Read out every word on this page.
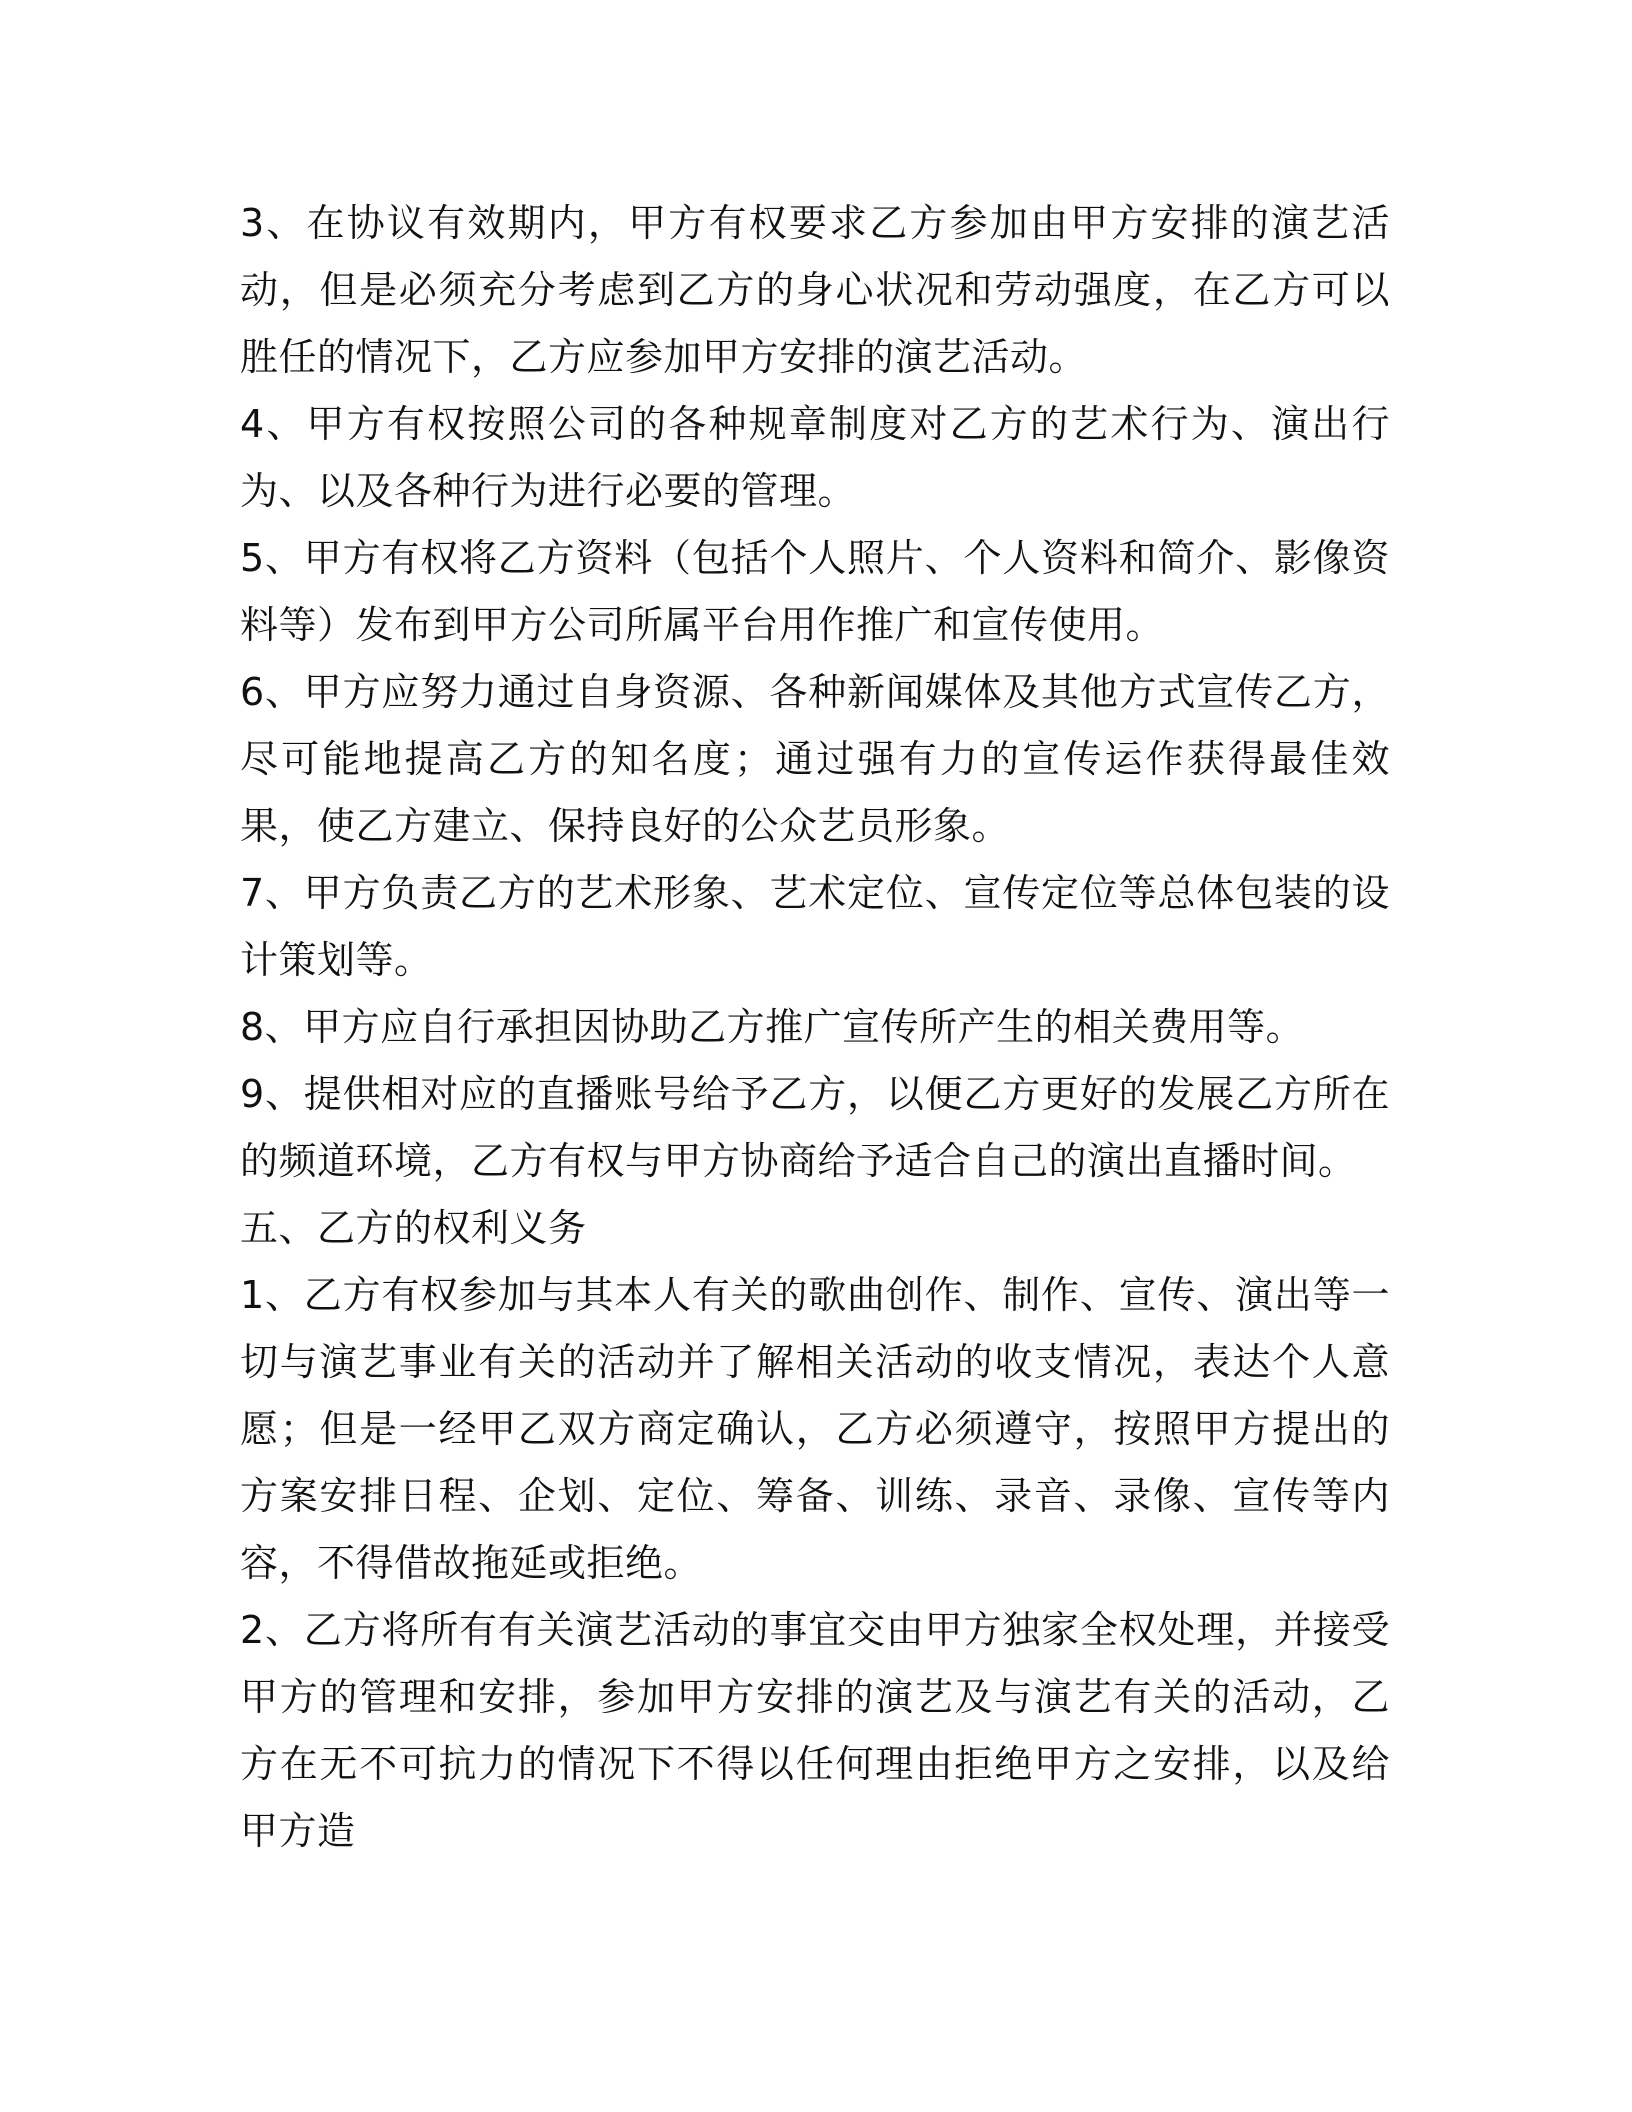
3、在协议有效期内，甲方有权要求乙方参加由甲方安排的演艺活动，但是必须充分考虑到乙方的身心状况和劳动强度，在乙方可以胜任的情况下，乙方应参加甲方安排的演艺活动。

4、甲方有权按照公司的各种规章制度对乙方的艺术行为、演出行为、以及各种行为进行必要的管理。

5、甲方有权将乙方资料（包括个人照片、个人资料和简介、影像资料等）发布到甲方公司所属平台用作推广和宣传使用。

6、甲方应努力通过自身资源、各种新闻媒体及其他方式宣传乙方，尽可能地提高乙方的知名度；通过强有力的宣传运作获得最佳效果，使乙方建立、保持良好的公众艺员形象。

7、甲方负责乙方的艺术形象、艺术定位、宣传定位等总体包装的设计策划等。

8、甲方应自行承担因协助乙方推广宣传所产生的相关费用等。

9、提供相对应的直播账号给予乙方，以便乙方更好的发展乙方所在的频道环境，乙方有权与甲方协商给予适合自己的演出直播时间。

五、乙方的权利义务

1、乙方有权参加与其本人有关的歌曲创作、制作、宣传、演出等一切与演艺事业有关的活动并了解相关活动的收支情况，表达个人意愿；但是一经甲乙双方商定确认，乙方必须遵守，按照甲方提出的方案安排日程、企划、定位、筹备、训练、录音、录像、宣传等内容，不得借故拖延或拒绝。

2、乙方将所有有关演艺活动的事宜交由甲方独家全权处理，并接受甲方的管理和安排，参加甲方安排的演艺及与演艺有关的活动，乙方在无不可抗力的情况下不得以任何理由拒绝甲方之安排，以及给甲方造
